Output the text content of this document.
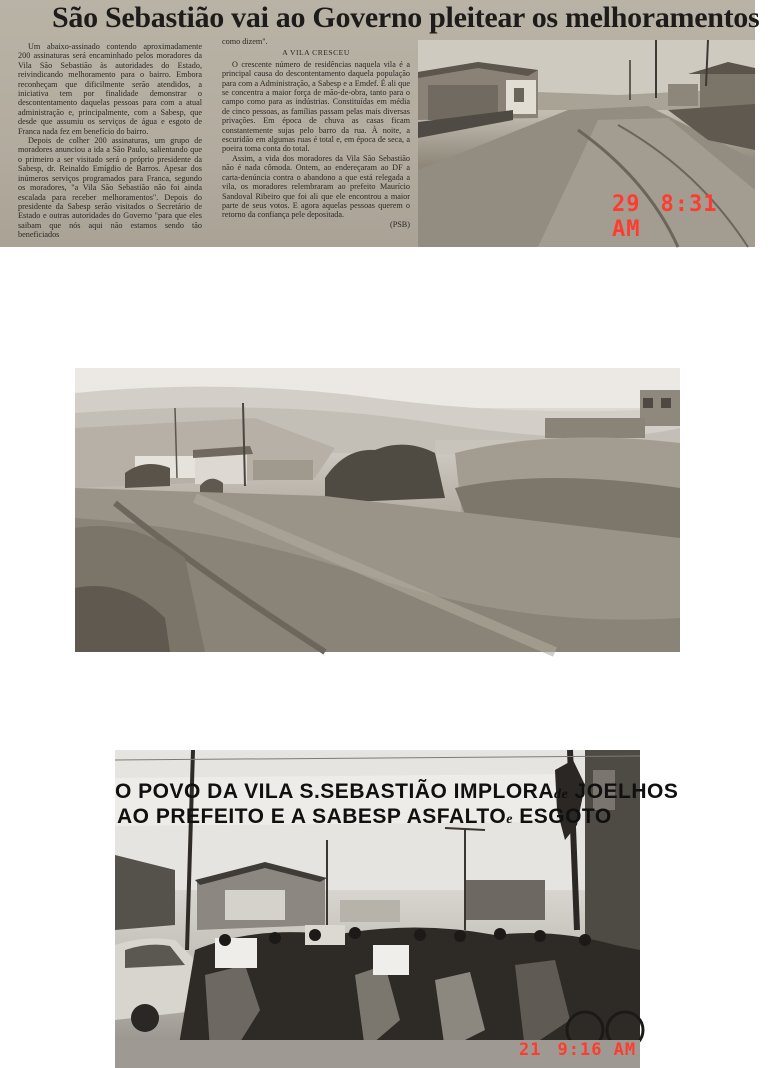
São Sebastião vai ao Governo pleitear os melhoramentos

Um abaixo-assinado contendo aproximadamente 200 assinaturas será encaminhado pelos moradores da Vila São Sebastião às autoridades do Estado, reivindicando melhoramento para o bairro. Embora reconheçam que dificilmente serão atendidos, a iniciativa tem por finalidade demonstrar o descontentamento daquelas pessoas para com a atual administração e, principalmente, com a Sabesp, que desde que assumiu os serviços de água e esgoto de Franca nada fez em benefício do bairro.

Depois de colher 200 assinaturas, um grupo de moradores anunciou a ida a São Paulo, salientando que o primeiro a ser visitado será o próprio presidente da Sabesp, dr. Reinaldo Emígdio de Barros. Apesar dos inúmeros serviços programados para Franca, segundo os moradores, "a Vila São Sebastião não foi ainda escalada para receber melhoramentos". Depois do presidente da Sabesp serão visitados o Secretário de Estado e outras autoridades do Governo "para que eles saibam que nós aqui não estamos sendo tão beneficiados

como dizem".

A VILA CRESCEU

O crescente número de residências naquela vila é a principal causa do descontentamento daquela população para com a Administração, a Sabesp e a Emdef. É ali que se concentra a maior força de mão-de-obra, tanto para o campo como para as indústrias. Constituídas em média de cinco pessoas, as famílias passam pelas mais diversas privações. Em época de chuva as casas ficam constantemente sujas pelo barro da rua. À noite, a escuridão em algumas ruas é total e, em época de seca, a poeira toma conta do total.

Assim, a vida dos moradores da Vila São Sebastião não é nada cômoda. Ontem, ao endereçaram ao DF a carta-denúncia contra o abandono a que está relegada a vila, os moradores relembraram ao prefeito Maurício Sandoval Ribeiro que foi ali que ele encontrou a maior parte de seus votos. E agora aquelas pessoas querem o retorno da confiança pele depositada.

(PSB)
29 8:31 AM
O POVO DA VILA S.SEBASTIÃO IMPLORAde JOELHOS
AO PREFEITO E A SABESP ASFALTOe ESGOTO
21 9:16 AM
